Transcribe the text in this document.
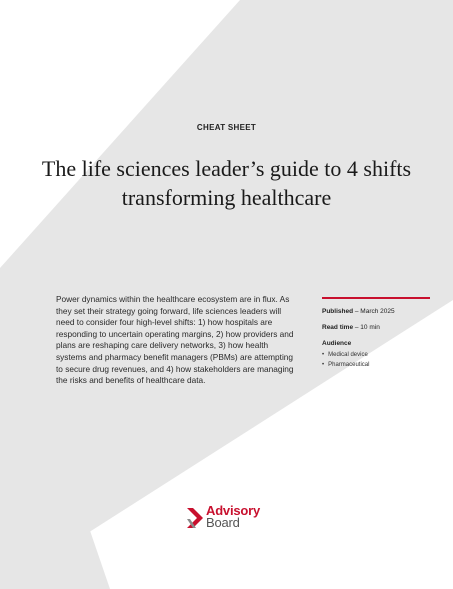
CHEAT SHEET
The life sciences leader’s guide to 4 shifts transforming healthcare

Power dynamics within the healthcare ecosystem are in flux. As they set their strategy going forward, life sciences leaders will need to consider four high-level shifts: 1) how hospitals are responding to uncertain operating margins, 2) how providers and plans are reshaping care delivery networks, 3) how health systems and pharmacy benefit managers (PBMs) are attempting to secure drug revenues, and 4) how stakeholders are managing the risks and benefits of healthcare data.

Published – March 2025
Read time – 10 min
Audience
• Medical device
• Pharmaceutical
Advisory
Board
